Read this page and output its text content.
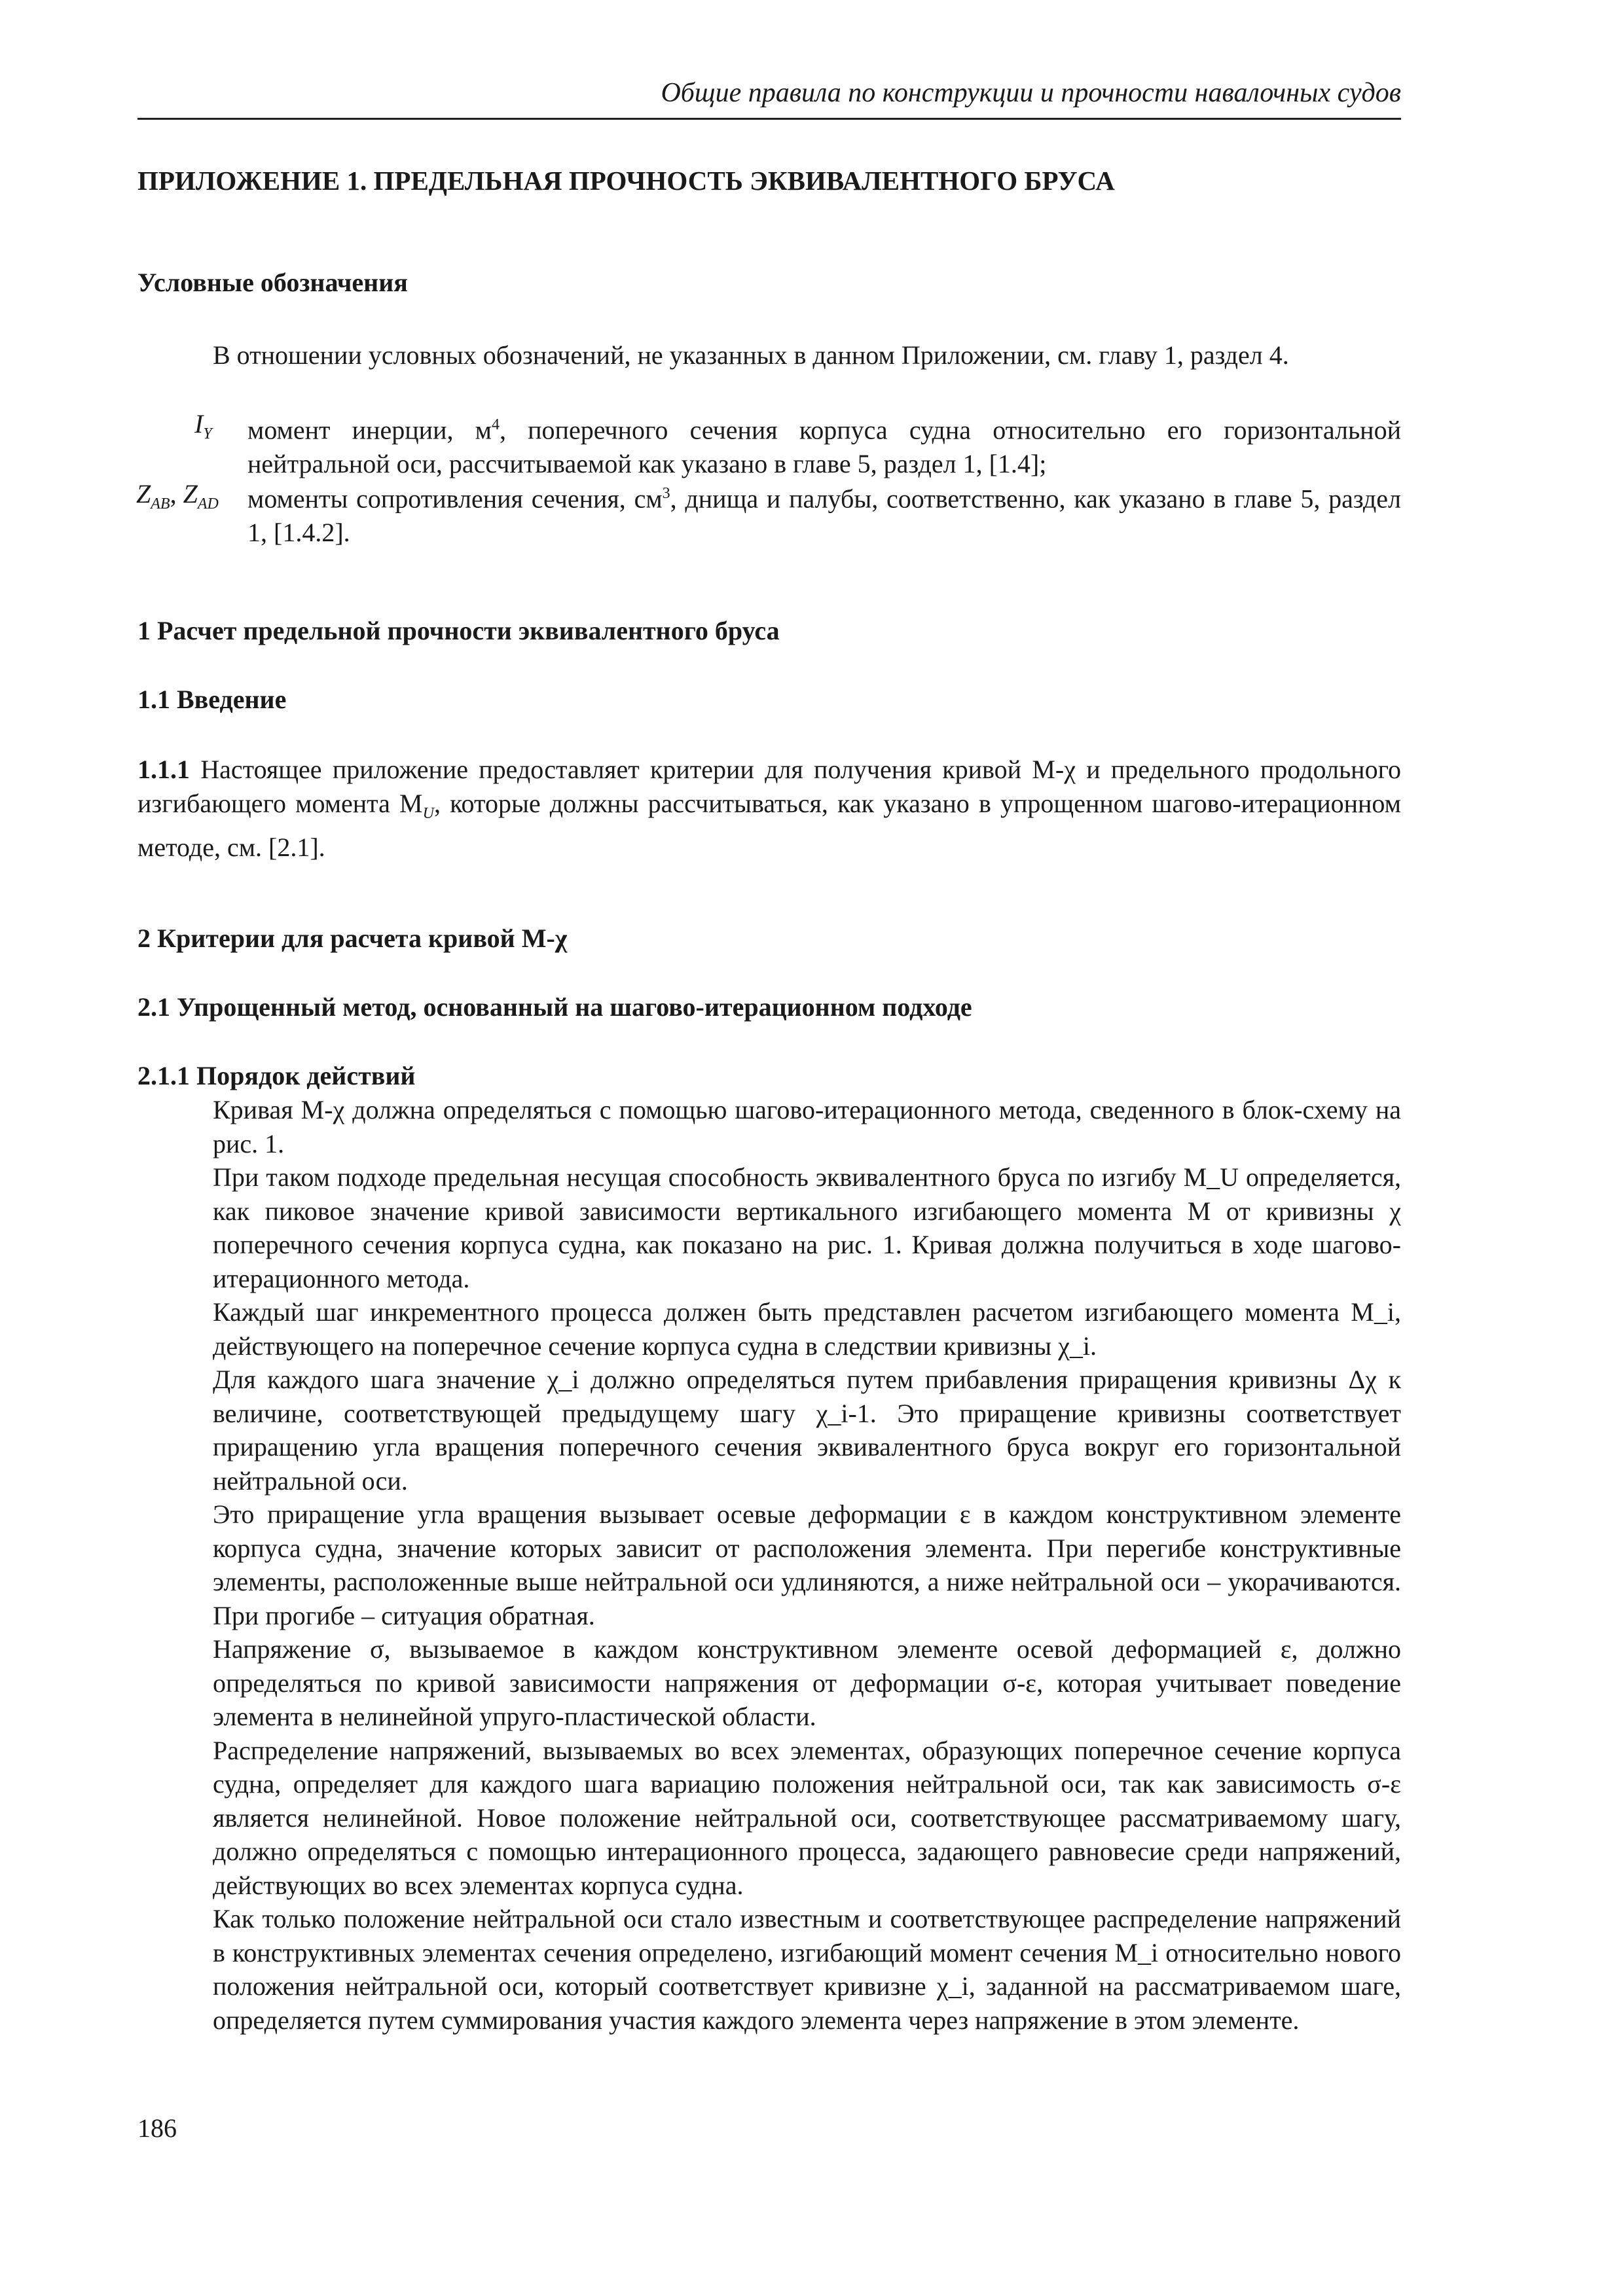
Общие правила по конструкции и прочности навалочных судов
ПРИЛОЖЕНИЕ 1. ПРЕДЕЛЬНАЯ ПРОЧНОСТЬ ЭКВИВАЛЕНТНОГО БРУСА
Условные обозначения
В отношении условных обозначений, не указанных в данном Приложении, см. главу 1, раздел 4.
$I_Y$ момент инерции, $м^4$, поперечного сечения корпуса судна относительно его горизонтальной нейтральной оси, рассчитываемой как указано в главе 5, раздел 1, [1.4];
$Z_{AB}$, $Z_{AD}$ моменты сопротивления сечения, $см^3$, днища и палубы, соответственно, как указано в главе 5, раздел 1, [1.4.2].
1 Расчет предельной прочности эквивалентного бруса
1.1 Введение
1.1.1 Настоящее приложение предоставляет критерии для получения кривой M-χ и предельного продольного изгибающего момента $M_U$, которые должны рассчитываться, как указано в упрощенном шагово-итерационном методе, см. [2.1].
2 Критерии для расчета кривой M-χ
2.1 Упрощенный метод, основанный на шагово-итерационном подходе
2.1.1 Порядок действий

Кривая M-χ должна определяться с помощью шагово-итерационного метода, сведенного в блок-схему на рис. 1.

При таком подходе предельная несущая способность эквивалентного бруса по изгибу M_U определяется, как пиковое значение кривой зависимости вертикального изгибающего момента M от кривизны χ поперечного сечения корпуса судна, как показано на рис. 1. Кривая должна получиться в ходе шагово-итерационного метода.

Каждый шаг инкрементного процесса должен быть представлен расчетом изгибающего момента M_i, действующего на поперечное сечение корпуса судна в следствии кривизны χ_i.

Для каждого шага значение χ_i должно определяться путем прибавления приращения кривизны Δχ к величине, соответствующей предыдущему шагу χ_i-1. Это приращение кривизны соответствует приращению угла вращения поперечного сечения эквивалентного бруса вокруг его горизонтальной нейтральной оси.

Это приращение угла вращения вызывает осевые деформации ε в каждом конструктивном элементе корпуса судна, значение которых зависит от расположения элемента. При перегибе конструктивные элементы, расположенные выше нейтральной оси удлиняются, а ниже нейтральной оси – укорачиваются. При прогибе – ситуация обратная.

Напряжение σ, вызываемое в каждом конструктивном элементе осевой деформацией ε, должно определяться по кривой зависимости напряжения от деформации σ-ε, которая учитывает поведение элемента в нелинейной упруго-пластической области.

Распределение напряжений, вызываемых во всех элементах, образующих поперечное сечение корпуса судна, определяет для каждого шага вариацию положения нейтральной оси, так как зависимость σ-ε является нелинейной. Новое положение нейтральной оси, соответствующее рассматриваемому шагу, должно определяться с помощью интерационного процесса, задающего равновесие среди напряжений, действующих во всех элементах корпуса судна.

Как только положение нейтральной оси стало известным и соответствующее распределение напряжений в конструктивных элементах сечения определено, изгибающий момент сечения M_i относительно нового положения нейтральной оси, который соответствует кривизне χ_i, заданной на рассматриваемом шаге, определяется путем суммирования участия каждого элемента через напряжение в этом элементе.

186
